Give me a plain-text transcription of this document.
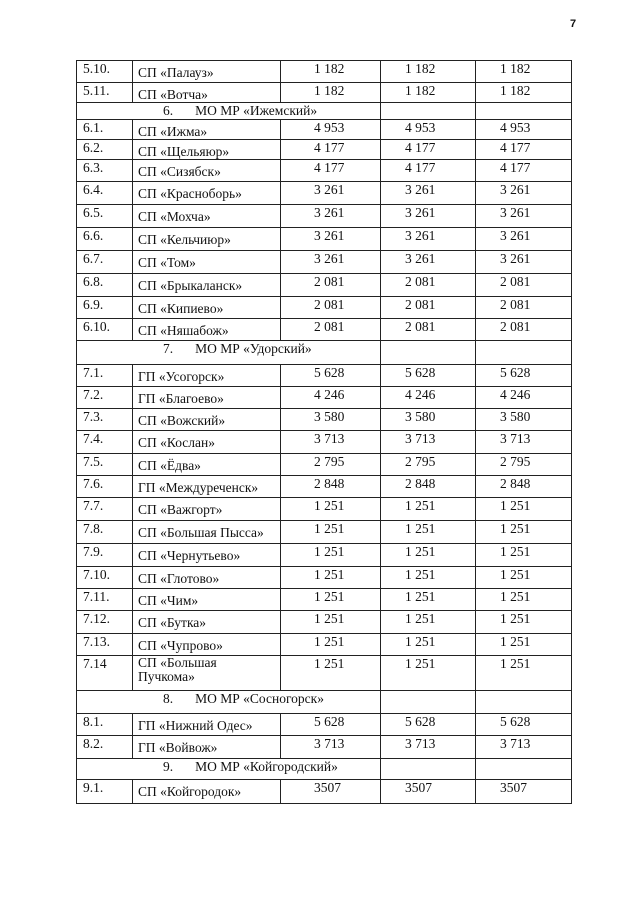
7
5.10.	СП «Палауз»	1 182	1 182	1 182
5.11.	СП «Вотча»	1 182	1 182	1 182
6. МО МР «Ижемский»				
6.1.	СП «Ижма»	4 953	4 953	4 953
6.2.	СП «Щельяюр»	4 177	4 177	4 177
6.3.	СП «Сизябск»	4 177	4 177	4 177
6.4.	СП «Красноборь»	3 261	3 261	3 261
6.5.	СП «Мохча»	3 261	3 261	3 261
6.6.	СП «Кельчиюр»	3 261	3 261	3 261
6.7.	СП «Том»	3 261	3 261	3 261
6.8.	СП «Брыкаланск»	2 081	2 081	2 081
6.9.	СП «Кипиево»	2 081	2 081	2 081
6.10.	СП «Няшабож»	2 081	2 081	2 081
7. МО МР «Удорский»				
7.1.	ГП «Усогорск»	5 628	5 628	5 628
7.2.	ГП «Благоево»	4 246	4 246	4 246
7.3.	СП «Вожский»	3 580	3 580	3 580
7.4.	СП «Кослан»	3 713	3 713	3 713
7.5.	СП «Ёдва»	2 795	2 795	2 795
7.6.	ГП «Междуреченск»	2 848	2 848	2 848
7.7.	СП «Важгорт»	1 251	1 251	1 251
7.8.	СП «Большая Пысса»	1 251	1 251	1 251
7.9.	СП «Чернутьево»	1 251	1 251	1 251
7.10.	СП «Глотово»	1 251	1 251	1 251
7.11.	СП «Чим»	1 251	1 251	1 251
7.12.	СП «Бутка»	1 251	1 251	1 251
7.13.	СП «Чупрово»	1 251	1 251	1 251
7.14	СП «Большая Пучкома»	1 251	1 251	1 251
8. МО МР «Сосногорск»				
8.1.	ГП «Нижний Одес»	5 628	5 628	5 628
8.2.	ГП «Войвож»	3 713	3 713	3 713
9. МО МР «Койгородский»				
9.1.	СП «Койгородок»	3507	3507	3507
